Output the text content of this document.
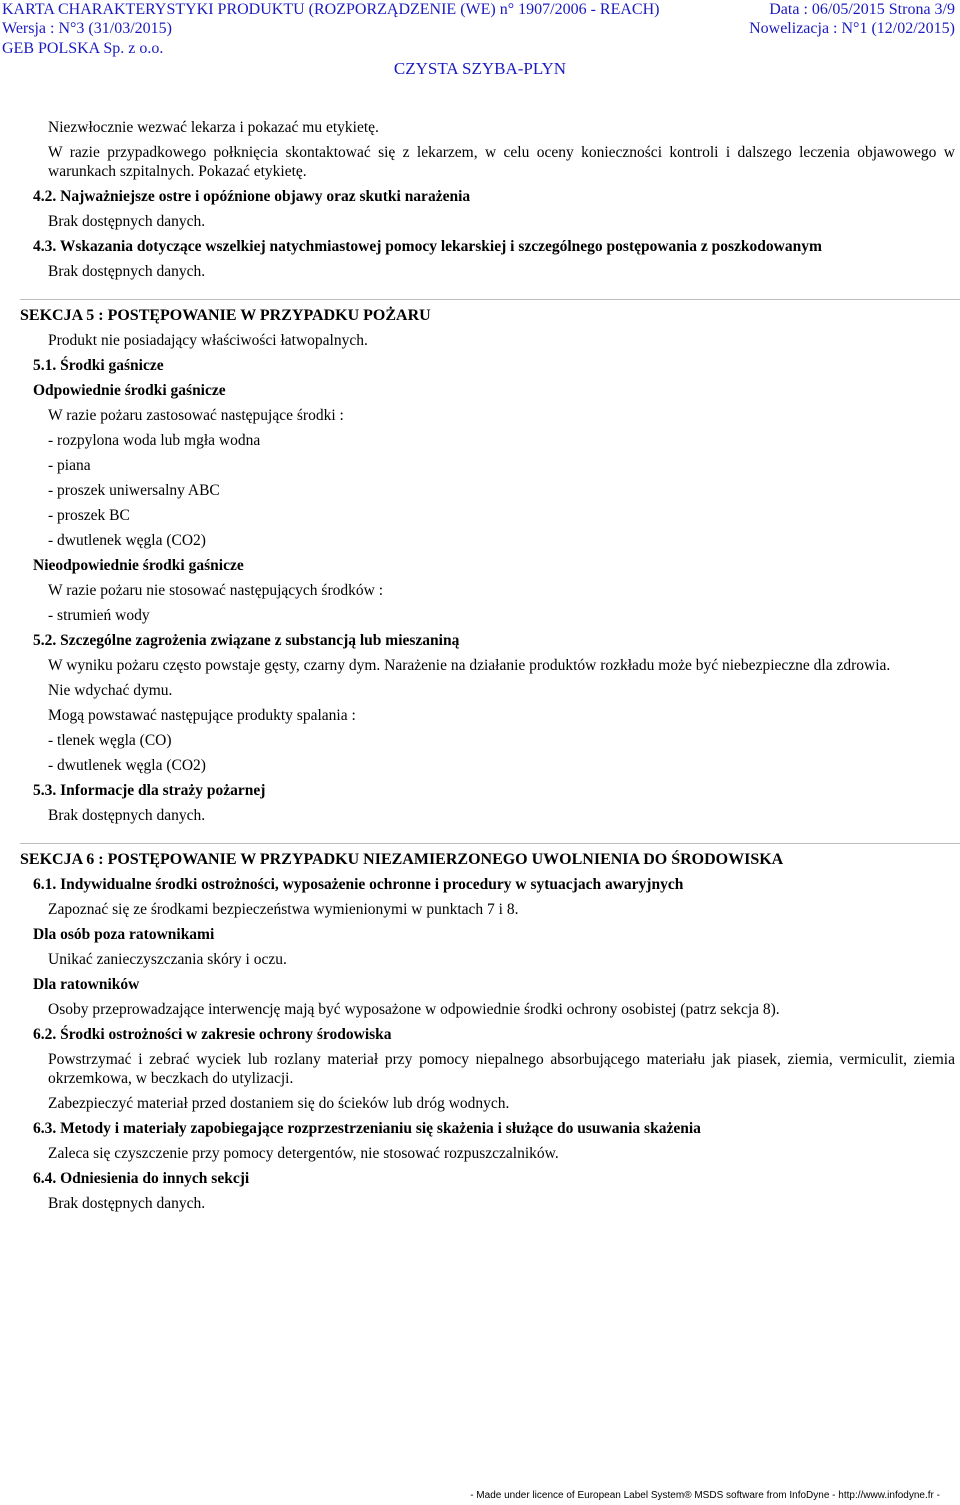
KARTA CHARAKTERYSTYKI PRODUKTU (ROZPORZĄDZENIE (WE) n° 1907/2006 - REACH)	Data : 06/05/2015 Strona 3/9
Wersja : N°3 (31/03/2015)	Nowelizacja : N°1 (12/02/2015)
GEB POLSKA Sp. z o.o.
CZYSTA SZYBA-PLYN

Niezwłocznie wezwać lekarza i pokazać mu etykietę.

W razie przypadkowego połknięcia skontaktować się z lekarzem, w celu oceny konieczności kontroli i dalszego leczenia objawowego w warunkach szpitalnych. Pokazać etykietę.

4.2. Najważniejsze ostre i opóźnione objawy oraz skutki narażenia

Brak dostępnych danych.

4.3. Wskazania dotyczące wszelkiej natychmiastowej pomocy lekarskiej i szczególnego postępowania z poszkodowanym

Brak dostępnych danych.

SEKCJA 5 : POSTĘPOWANIE W PRZYPADKU POŻARU

Produkt nie posiadający właściwości łatwopalnych.

5.1. Środki gaśnicze

Odpowiednie środki gaśnicze

W razie pożaru zastosować następujące środki :

- rozpylona woda lub mgła wodna

- piana

- proszek uniwersalny ABC

- proszek BC

- dwutlenek węgla (CO2)

Nieodpowiednie środki gaśnicze

W razie pożaru nie stosować następujących środków :

- strumień wody

5.2. Szczególne zagrożenia związane z substancją lub mieszaniną

W wyniku pożaru często powstaje gęsty, czarny dym. Narażenie na działanie produktów rozkładu może być niebezpieczne dla zdrowia.

Nie wdychać dymu.

Mogą powstawać następujące produkty spalania :

- tlenek węgla (CO)

- dwutlenek węgla (CO2)

5.3. Informacje dla straży pożarnej

Brak dostępnych danych.

SEKCJA 6 : POSTĘPOWANIE W PRZYPADKU NIEZAMIERZONEGO UWOLNIENIA DO ŚRODOWISKA

6.1. Indywidualne środki ostrożności, wyposażenie ochronne i procedury w sytuacjach awaryjnych

Zapoznać się ze środkami bezpieczeństwa wymienionymi w punktach 7 i 8.

Dla osób poza ratownikami

Unikać zanieczyszczania skóry i oczu.

Dla ratowników

Osoby przeprowadzające interwencję mają być wyposażone w odpowiednie środki ochrony osobistej (patrz sekcja 8).

6.2. Środki ostrożności w zakresie ochrony środowiska

Powstrzymać i zebrać wyciek lub rozlany materiał przy pomocy niepalnego absorbującego materiału jak piasek, ziemia, vermiculit, ziemia okrzemkowa, w beczkach do utylizacji.

Zabezpieczyć materiał przed dostaniem się do ścieków lub dróg wodnych.

6.3. Metody i materiały zapobiegające rozprzestrzenianiu się skażenia i służące do usuwania skażenia

Zaleca się czyszczenie przy pomocy detergentów, nie stosować rozpuszczalników.

6.4. Odniesienia do innych sekcji

Brak dostępnych danych.

- Made under licence of European Label System® MSDS software from InfoDyne - http://www.infodyne.fr -
